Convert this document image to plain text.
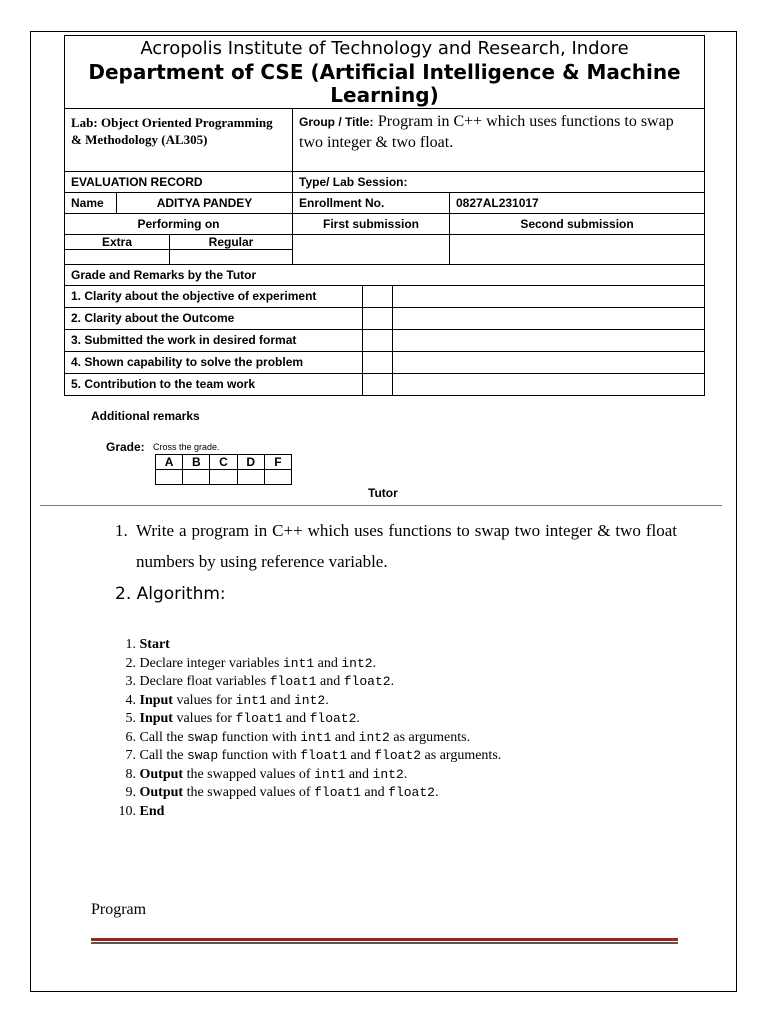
Acropolis Institute of Technology and Research, Indore
Department of CSE (Artificial Intelligence & Machine Learning)

Lab: Object Oriented Programming & Methodology (AL305)	Group / Title: Program in C++ which uses functions to swap two integer & two float.
EVALUATION RECORD	Type/ Lab Session:
Name	ADITYA PANDEY	Enrollment No.	0827AL231017
Performing on	First submission	Second submission

Extra	Regular

Grade and Remarks by the Tutor
1. Clarity about the objective of experiment		
2. Clarity about the Outcome		
3. Submitted the work in desired format		
4. Shown capability to solve the problem		
5. Contribution to the team work		
Additional remarks
Grade: Cross the grade.
A	B	C	D	F

Tutor
1. Write a program in C++ which uses functions to swap two integer & two float numbers by using reference variable.
2. Algorithm:
1. Start
2. Declare integer variables int1 and int2.
3. Declare float variables float1 and float2.
4. Input values for int1 and int2.
5. Input values for float1 and float2.
6. Call the swap function with int1 and int2 as arguments.
7. Call the swap function with float1 and float2 as arguments.
8. Output the swapped values of int1 and int2.
9. Output the swapped values of float1 and float2.
10. End
Program
